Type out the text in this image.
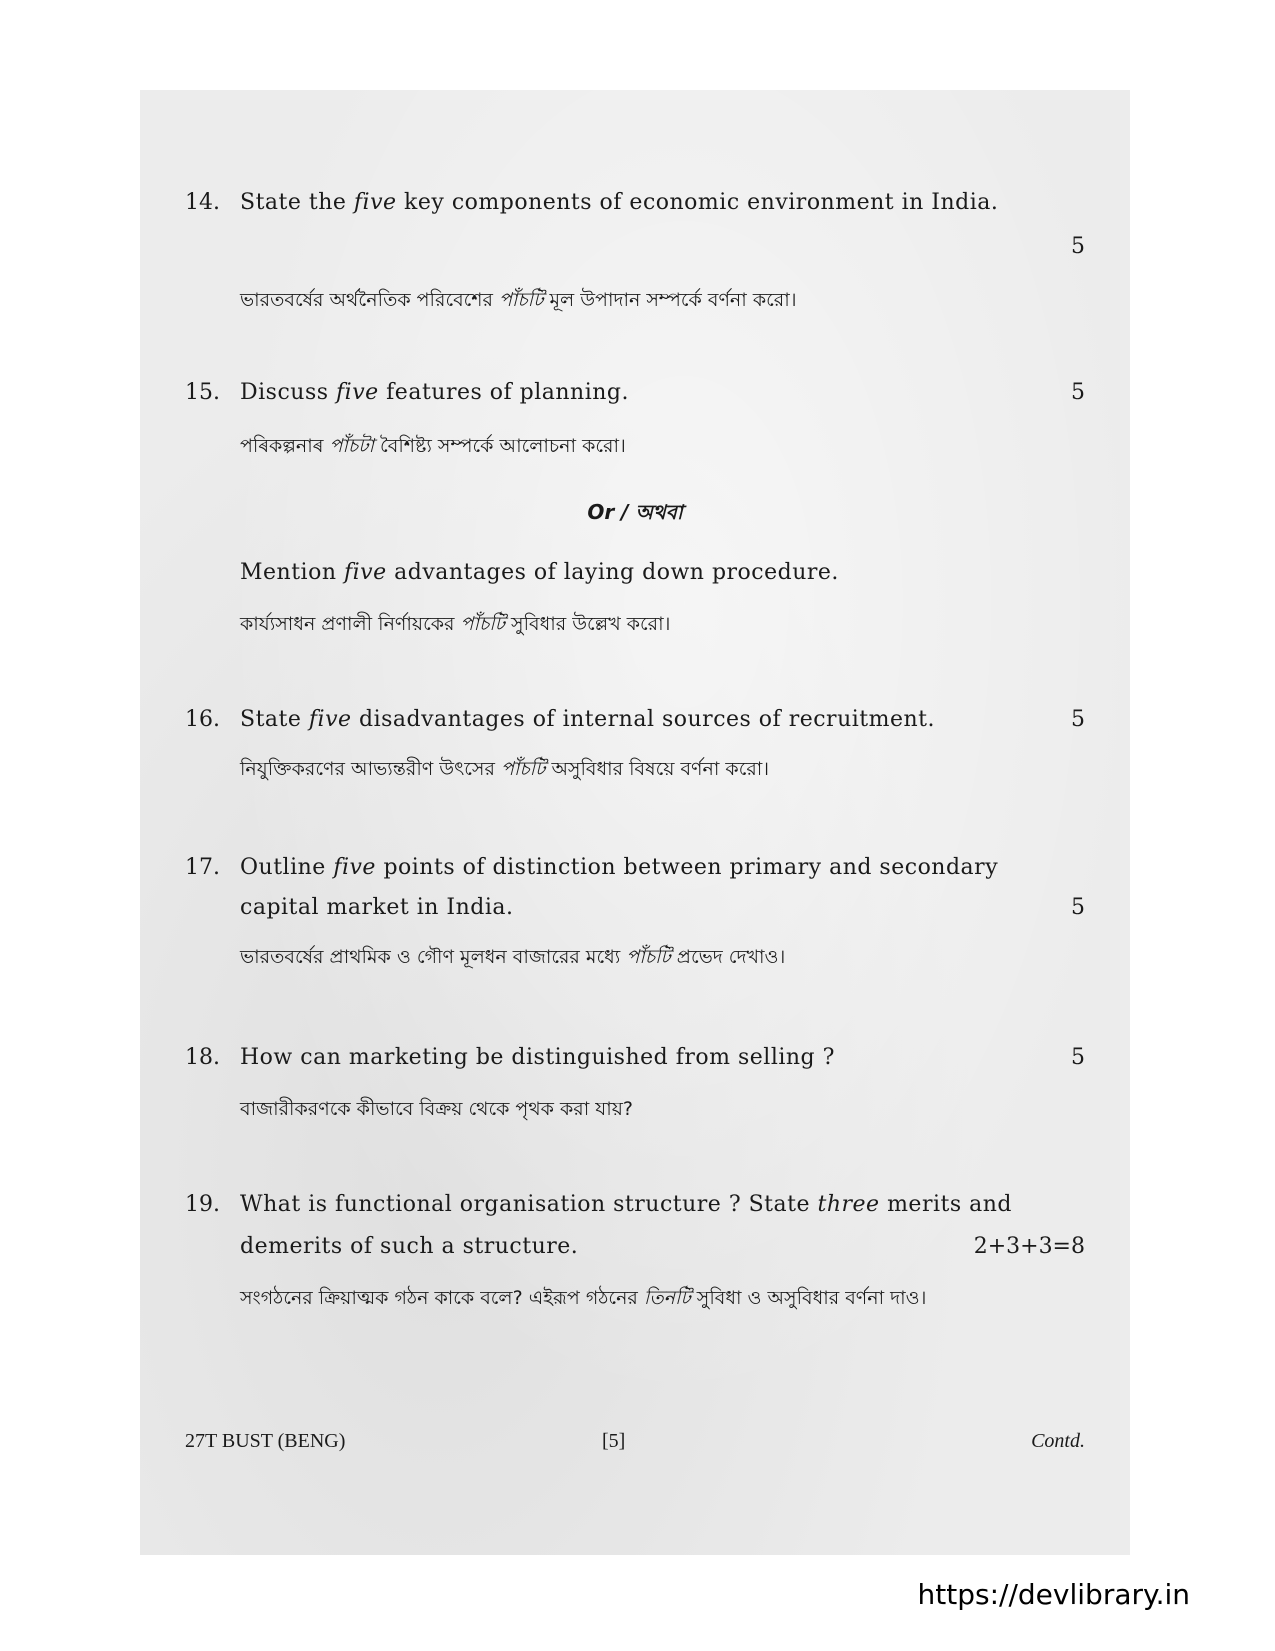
14. State the five key components of economic environment in India.
5
ভারতবর্ষের অর্থনৈতিক পরিবেশের পাঁচটি মূল উপাদান সম্পর্কে বর্ণনা করো।
15. Discuss five features of planning.	5
পৰিকল্পনাৰ পাঁচটা বৈশিষ্ট্য সম্পর্কে আলোচনা করো।
Or / অথবা
Mention five advantages of laying down procedure.
কার্য্যসাধন প্রণালী নির্ণায়কের পাঁচটি সুবিধার উল্লেখ করো।
16. State five disadvantages of internal sources of recruitment.	5
নিযুক্তিকরণের আভ্যন্তরীণ উৎসের পাঁচটি অসুবিধার বিষয়ে বর্ণনা করো।
17. Outline five points of distinction between primary and secondary
capital market in India.	5
ভারতবর্ষের প্রাথমিক ও গৌণ মূলধন বাজারের মধ্যে পাঁচটি প্রভেদ দেখাও।
18. How can marketing be distinguished from selling ?	5
বাজারীকরণকে কীভাবে বিক্রয় থেকে পৃথক করা যায়?
19. What is functional organisation structure ? State three merits and
demerits of such a structure.	2+3+3=8
সংগঠনের ক্রিয়াত্মক গঠন কাকে বলে? এইরূপ গঠনের তিনটি সুবিধা ও অসুবিধার বর্ণনা দাও।
27T BUST (BENG)	[5]	Contd.
https://devlibrary.in
